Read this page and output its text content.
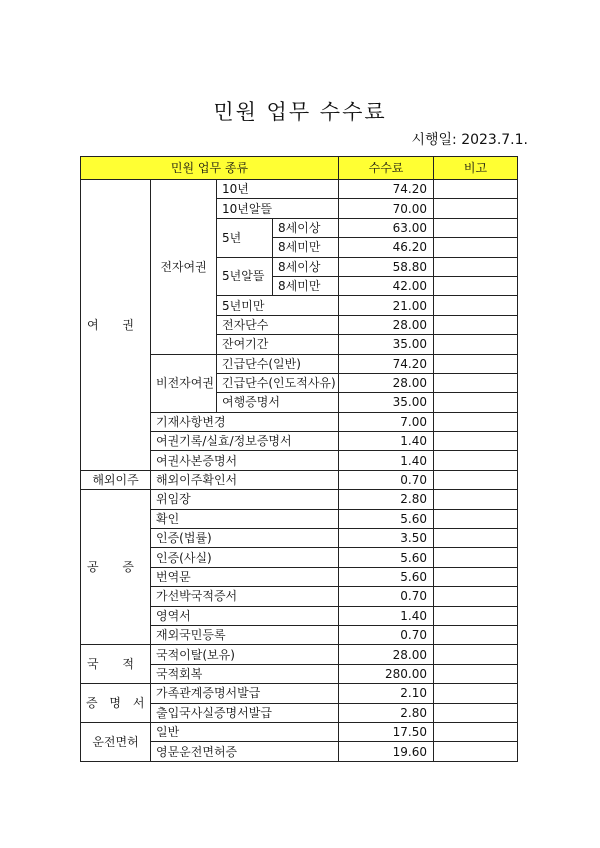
민원 업무 수수료
시행일: 2023.7.1.
민원 업무 종류				수수료	비고
여 권	전자여권	10년		74.20	
		10년알뜰		70.00	
		5년	8세이상	63.00	
			8세미만	46.20	
		5년알뜰	8세이상	58.80	
			8세미만	42.00	
		5년미만		21.00	
		전자단수		28.00	
		잔여기간		35.00	
	비전자여권	긴급단수(일반)		74.20	
		긴급단수(인도적사유)		28.00	
		여행증명서		35.00	
	기재사항변경			7.00	
	여권기록/실효/정보증명서			1.40	
	여권사본증명서			1.40	
해외이주	해외이주확인서			0.70	
공 증	위임장			2.80	
	확인			5.60	
	인증(법률)			3.50	
	인증(사실)			5.60	
	번역문			5.60	
	가선박국적증서			0.70	
	영역서			1.40	
	재외국민등록			0.70	
국 적	국적이탈(보유)			28.00	
	국적회복			280.00	
증 명 서	가족관계증명서발급			2.10	
	출입국사실증명서발급			2.80	
운전면허	일반			17.50	
	영문운전면허증			19.60	
